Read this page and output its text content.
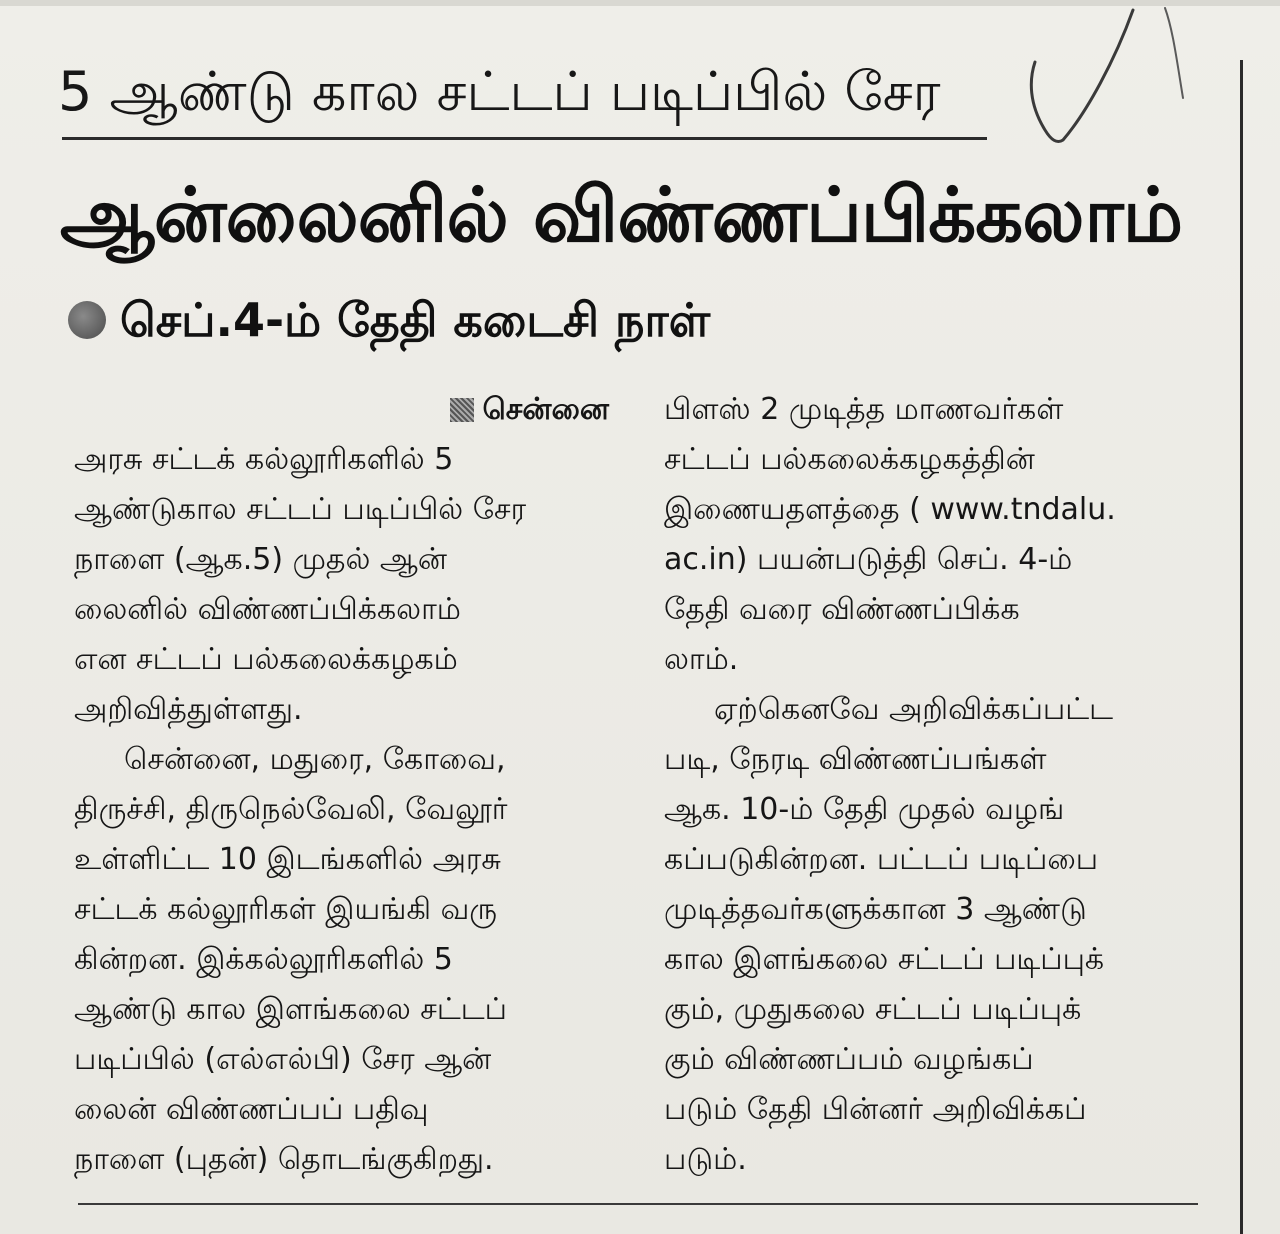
5 ஆண்டு கால சட்டப் படிப்பில் சேர
ஆன்லைனில் விண்ணப்பிக்கலாம்
செப்.4-ம் தேதி கடைசி நாள்
சென்னை
அரசு சட்டக் கல்லூரிகளில் 5
ஆண்டுகால சட்டப் படிப்பில் சேர
நாளை (ஆக.5) முதல் ஆன்
லைனில் விண்ணப்பிக்கலாம்
என சட்டப் பல்கலைக்கழகம்
அறிவித்துள்ளது.
சென்னை, மதுரை, கோவை,
திருச்சி, திருநெல்வேலி, வேலூர்
உள்ளிட்ட 10 இடங்களில் அரசு
சட்டக் கல்லூரிகள் இயங்கி வரு
கின்றன. இக்கல்லூரிகளில் 5
ஆண்டு கால இளங்கலை சட்டப்
படிப்பில் (எல்எல்பி) சேர ஆன்
லைன் விண்ணப்பப் பதிவு
நாளை (புதன்) தொடங்குகிறது.
பிளஸ் 2 முடித்த மாணவர்கள்
சட்டப் பல்கலைக்கழகத்தின்
இணையதளத்தை ( www.tndalu.
ac.in) பயன்படுத்தி செப். 4-ம்
தேதி வரை விண்ணப்பிக்க
லாம்.
ஏற்கெனவே அறிவிக்கப்பட்ட
படி, நேரடி விண்ணப்பங்கள்
ஆக. 10-ம் தேதி முதல் வழங்
கப்படுகின்றன. பட்டப் படிப்பை
முடித்தவர்களுக்கான 3 ஆண்டு
கால இளங்கலை சட்டப் படிப்புக்
கும், முதுகலை சட்டப் படிப்புக்
கும் விண்ணப்பம் வழங்கப்
படும் தேதி பின்னர் அறிவிக்கப்
படும்.
